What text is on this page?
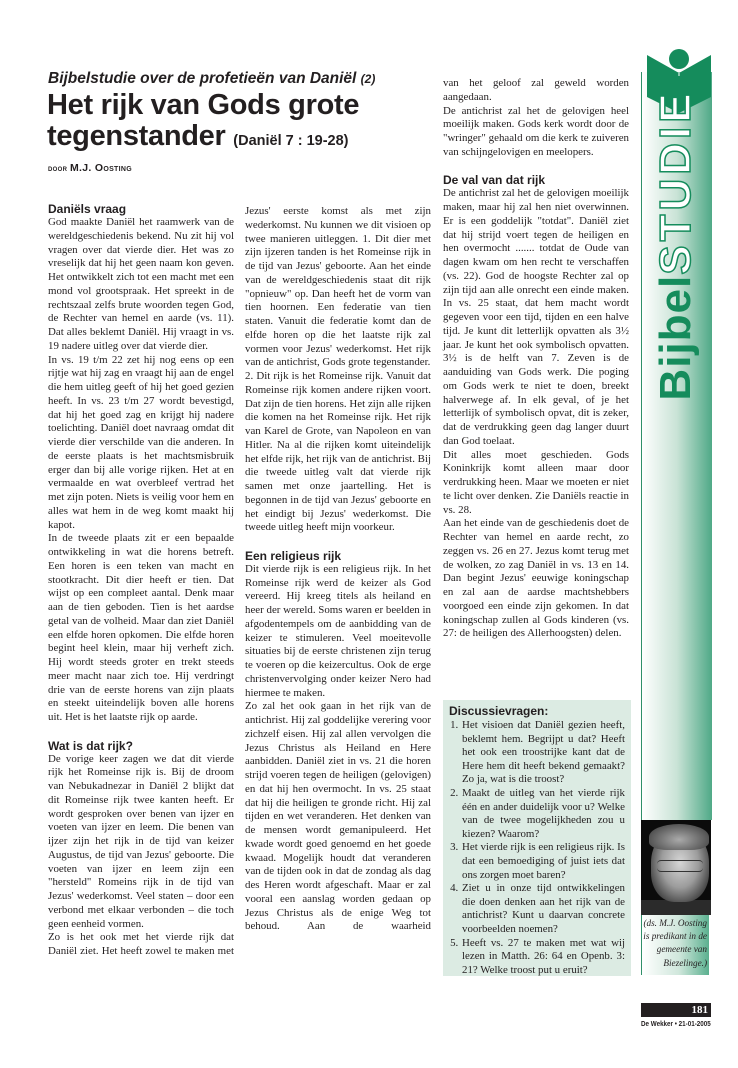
Bijbelstudie over de profetieën van Daniël (2)
Het rijk van Gods grote tegenstander (Daniël 7 : 19-28)
door M.J. Oosting
Daniëls vraag

God maakte Daniël het raamwerk van de wereldgeschiedenis bekend. Nu zit hij vol vragen over dat vierde dier. Het was zo vreselijk dat hij het geen naam kon geven. Het ontwikkelt zich tot een macht met een mond vol grootspraak. Het spreekt in de rechtszaal zelfs brute woorden tegen God, de Rechter van hemel en aarde (vs. 11). Dat alles beklemt Daniël. Hij vraagt in vs. 19 nadere uitleg over dat vierde dier.

In vs. 19 t/m 22 zet hij nog eens op een rijtje wat hij zag en vraagt hij aan de engel die hem uitleg geeft of hij het goed gezien heeft. In vs. 23 t/m 27 wordt bevestigd, dat hij het goed zag en krijgt hij nadere toelichting. Daniël doet navraag omdat dit vierde dier verschilde van die anderen. In de eerste plaats is het machtsmisbruik erger dan bij alle vorige rijken. Het at en vermaalde en wat overbleef vertrad het met zijn poten. Niets is veilig voor hem en alles wat hem in de weg komt maakt hij kapot.

In de tweede plaats zit er een bepaalde ontwikkeling in wat die horens betreft. Een horen is een teken van macht en stootkracht. Dit dier heeft er tien. Dat wijst op een compleet aantal. Denk maar aan de tien geboden. Tien is het aardse getal van de volheid. Maar dan ziet Daniël een elfde horen opkomen. Die elfde horen begint heel klein, maar hij verheft zich. Hij wordt steeds groter en trekt steeds meer macht naar zich toe. Hij verdringt drie van de eerste horens van zijn plaats en steekt uiteindelijk boven alle horens uit. Het is het laatste rijk op aarde.

Wat is dat rijk?

De vorige keer zagen we dat dit vierde rijk het Romeinse rijk is. Bij de droom van Nebukadnezar in Daniël 2 blijkt dat dit Romeinse rijk twee kanten heeft. Er wordt gesproken over benen van ijzer en voeten van ijzer en leem. Die benen van ijzer zijn het rijk in de tijd van keizer Augustus, de tijd van Jezus' geboorte. Die voeten van ijzer en leem zijn een "hersteld" Romeins rijk in de tijd van Jezus' wederkomst. Veel staten – door een verbond met elkaar verbonden – die toch geen eenheid vormen.

Zo is het ook met het vierde rijk dat Daniël ziet. Het heeft zowel te maken met

Jezus' eerste komst als met zijn wederkomst. Nu kunnen we dit visioen op twee manieren uitleggen. 1. Dit dier met zijn ijzeren tanden is het Romeinse rijk in de tijd van Jezus' geboorte. Aan het einde van de wereldgeschiedenis staat dit rijk "opnieuw" op. Dan heeft het de vorm van tien hoornen. Een federatie van tien staten. Vanuit die federatie komt dan de elfde horen op die het laatste rijk zal vormen voor Jezus' wederkomst. Het rijk van de antichrist, Gods grote tegenstander.

2. Dit rijk is het Romeinse rijk. Vanuit dat Romeinse rijk komen andere rijken voort. Dat zijn de tien horens. Het zijn alle rijken die komen na het Romeinse rijk. Het rijk van Karel de Grote, van Napoleon en van Hitler. Na al die rijken komt uiteindelijk het elfde rijk, het rijk van de antichrist. Bij die tweede uitleg valt dat vierde rijk samen met onze jaartelling. Het is begonnen in de tijd van Jezus' geboorte en het eindigt bij Jezus' wederkomst. Die tweede uitleg heeft mijn voorkeur.

Een religieus rijk

Dit vierde rijk is een religieus rijk. In het Romeinse rijk werd de keizer als God vereerd. Hij kreeg titels als heiland en heer der wereld. Soms waren er beelden in afgodentempels om de aanbidding van de keizer te stimuleren. Veel moeitevolle situaties bij de eerste christenen zijn terug te voeren op die keizercultus. Ook de erge christenvervolging onder keizer Nero had hiermee te maken.

Zo zal het ook gaan in het rijk van de antichrist. Hij zal goddelijke verering voor zichzelf eisen. Hij zal allen vervolgen die Jezus Christus als Heiland en Here aanbidden. Daniël ziet in vs. 21 die horen strijd voeren tegen de heiligen (gelovigen) en dat hij hen overmocht. In vs. 25 staat dat hij die heiligen te gronde richt. Hij zal tijden en wet veranderen. Het denken van de mensen wordt gemanipuleerd. Het kwade wordt goed genoemd en het goede kwaad. Mogelijk houdt dat veranderen van de tijden ook in dat de zondag als dag des Heren wordt afgeschaft. Maar er zal vooral een aanslag worden gedaan op Jezus Christus als de enige Weg tot behoud. Aan de waarheid

van het geloof zal geweld worden aangedaan.

De antichrist zal het de gelovigen heel moeilijk maken. Gods kerk wordt door de "wringer" gehaald om die kerk te zuiveren van schijngelovigen en meelopers.

De val van dat rijk

De antichrist zal het de gelovigen moeilijk maken, maar hij zal hen niet overwinnen. Er is een goddelijk "totdat". Daniël ziet dat hij strijd voert tegen de heiligen en hen overmocht ....... totdat de Oude van dagen kwam om hen recht te verschaffen (vs. 22). God de hoogste Rechter zal op zijn tijd aan alle onrecht een einde maken. In vs. 25 staat, dat hem macht wordt gegeven voor een tijd, tijden en een halve tijd. Je kunt dit letterlijk opvatten als 3½ jaar. Je kunt het ook symbolisch opvatten. 3½ is de helft van 7. Zeven is de aanduiding van Gods werk. Die poging om Gods werk te niet te doen, breekt halverwege af. In elk geval, of je het letterlijk of symbolisch opvat, dit is zeker, dat de verdrukking geen dag langer duurt dan God toelaat.

Dit alles moet geschieden. Gods Koninkrijk komt alleen maar door verdrukking heen. Maar we moeten er niet te licht over denken. Zie Daniëls reactie in vs. 28.

Aan het einde van de geschiedenis doet de Rechter van hemel en aarde recht, zo zeggen vs. 26 en 27. Jezus komt terug met de wolken, zo zag Daniël in vs. 13 en 14. Dan begint Jezus' eeuwige koningschap en zal aan de aardse machtshebbers voorgoed een einde zijn gekomen. In dat koningschap zullen al Gods kinderen (vs. 27: de heiligen des Allerhoogsten) delen.

Discussievragen:
1. Het visioen dat Daniël gezien heeft, beklemt hem. Begrijpt u dat? Heeft het ook een troostrijke kant dat de Here hem dit heeft bekend gemaakt? Zo ja, wat is die troost?
2. Maakt de uitleg van het vierde rijk één en ander duidelijk voor u? Welke van de twee mogelijkheden zou u kiezen? Waarom?
3. Het vierde rijk is een religieus rijk. Is dat een bemoediging of juist iets dat ons zorgen moet baren?
4. Ziet u in onze tijd ontwikkelingen die doen denken aan het rijk van de antichrist? Kunt u daarvan concrete voorbeelden noemen?
5. Heeft vs. 27 te maken met wat wij lezen in Matth. 26: 64 en Openb. 3: 21? Welke troost put u eruit?
BijbelSTUDIE
(ds. M.J. Oosting is predikant in de gemeente van Biezelinge.)
181
De Wekker • 21-01-2005
